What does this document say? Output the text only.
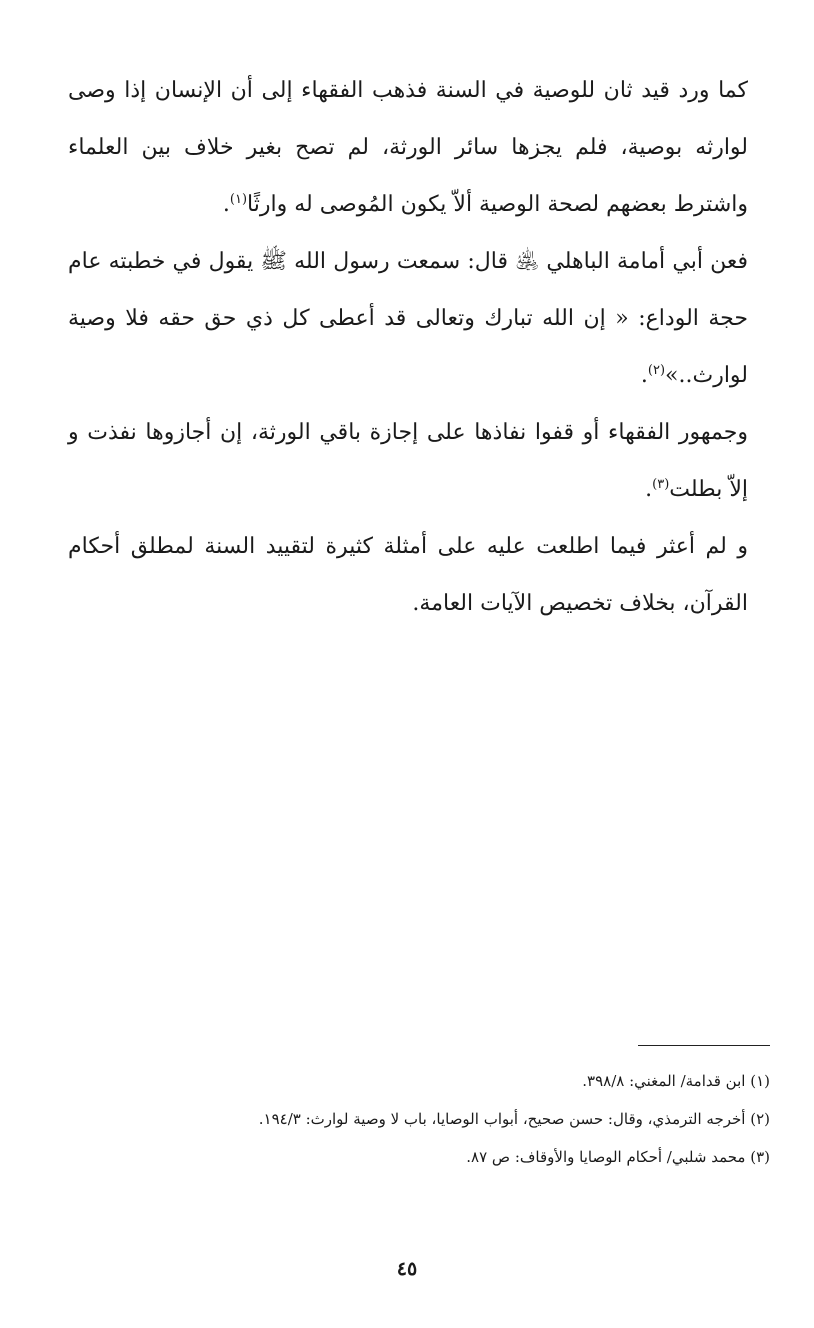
كما ورد قيد ثان للوصية في السنة فذهب الفقهاء إلى أن الإنسان إذا وصى لوارثه بوصية، فلم يجزها سائر الورثة، لم تصح بغير خلاف بين العلماء واشترط بعضهم لصحة الوصية ألاّ يكون المُوصى له وارثًا$^{(١)}$.

فعن أبي أمامة الباهلي ﵁ قال: سمعت رسول الله ﷺ يقول في خطبته عام حجة الوداع: « إن الله تبارك وتعالى قد أعطى كل ذي حق حقه فلا وصية لوارث..»$^{(٢)}$.

وجمهور الفقهاء أو قفوا نفاذها على إجازة باقي الورثة، إن أجازوها نفذت و إلاّ بطلت$^{(٣)}$.

و لم أعثر فيما اطلعت عليه على أمثلة كثيرة لتقييد السنة لمطلق أحكام القرآن، بخلاف تخصيص الآيات العامة.

(١) ابن قدامة/ المغني: ٣٩٨/٨.

(٢) أخرجه الترمذي، وقال: حسن صحيح، أبواب الوصايا، باب لا وصية لوارث: ١٩٤/٣.

(٣) محمد شلبي/ أحكام الوصايا والأوقاف: ص ٨٧.

٤٥
